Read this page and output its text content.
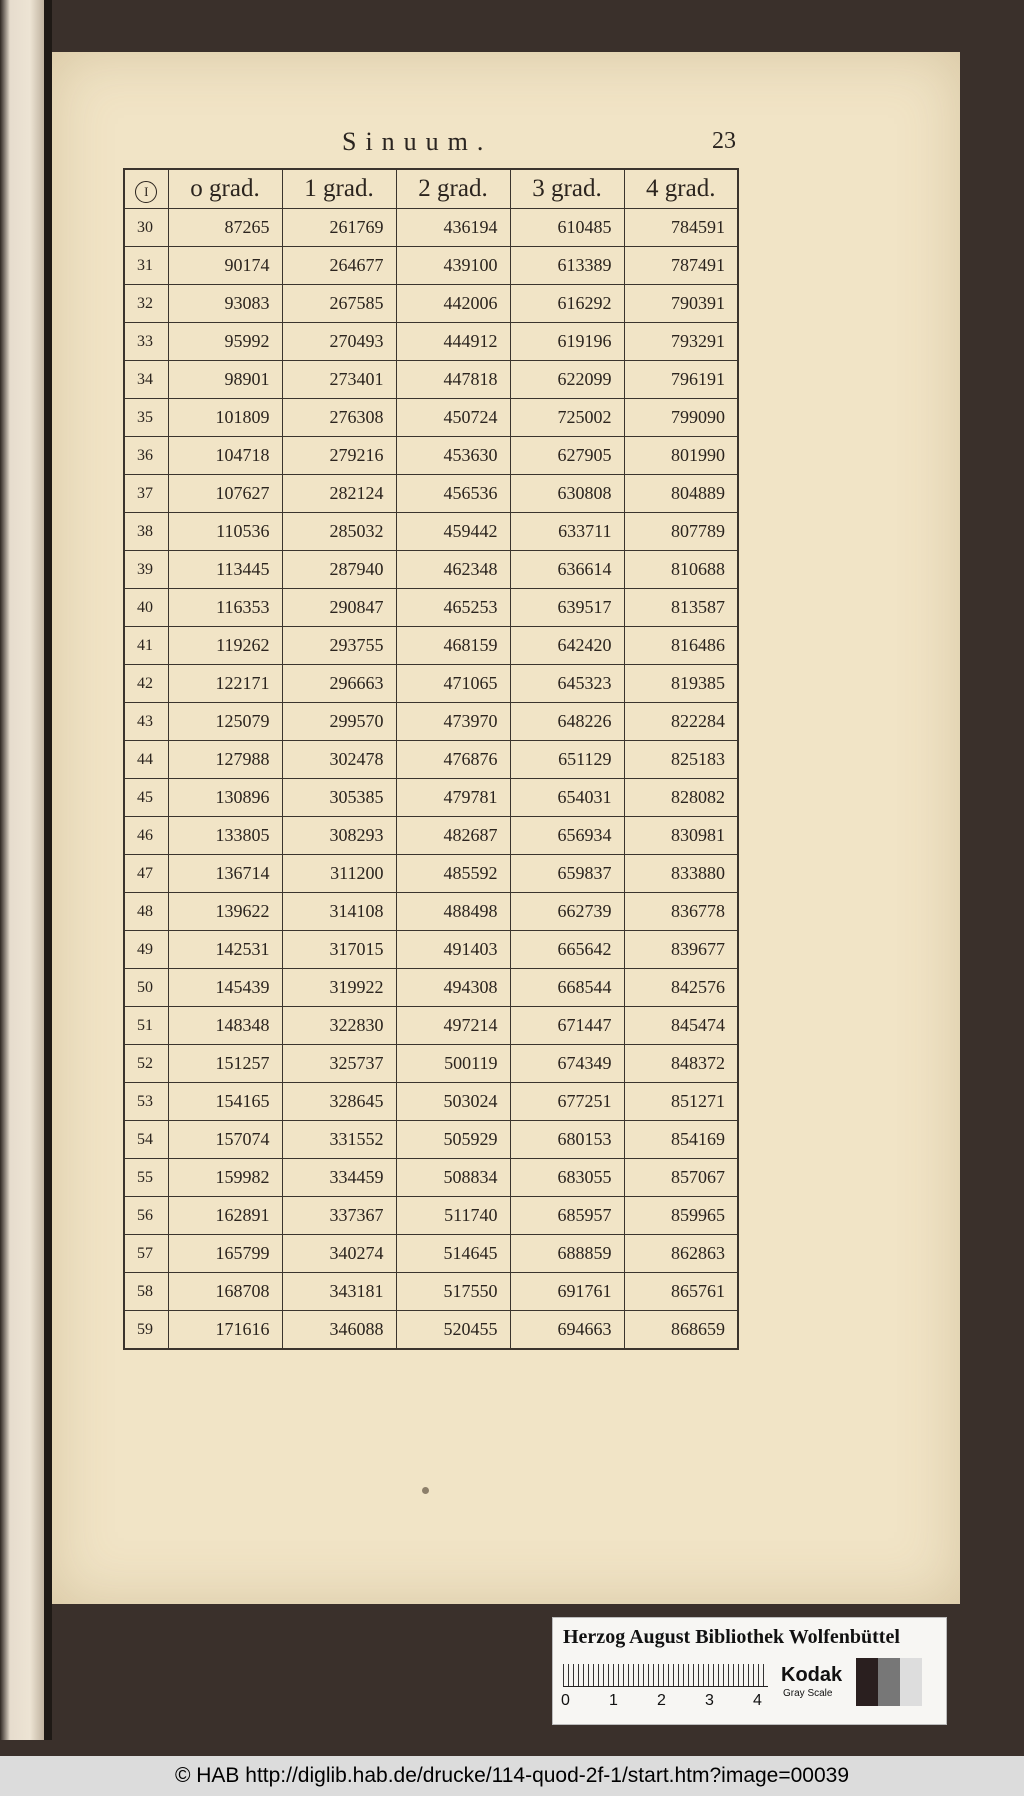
Sinuum.	23
I	o grad.	1 grad.	2 grad.	3 grad.	4 grad.
30	87265	261769	436194	610485	784591
31	90174	264677	439100	613389	787491
32	93083	267585	442006	616292	790391
33	95992	270493	444912	619196	793291
34	98901	273401	447818	622099	796191
35	101809	276308	450724	725002	799090
36	104718	279216	453630	627905	801990
37	107627	282124	456536	630808	804889
38	110536	285032	459442	633711	807789
39	113445	287940	462348	636614	810688
40	116353	290847	465253	639517	813587
41	119262	293755	468159	642420	816486
42	122171	296663	471065	645323	819385
43	125079	299570	473970	648226	822284
44	127988	302478	476876	651129	825183
45	130896	305385	479781	654031	828082
46	133805	308293	482687	656934	830981
47	136714	311200	485592	659837	833880
48	139622	314108	488498	662739	836778
49	142531	317015	491403	665642	839677
50	145439	319922	494308	668544	842576
51	148348	322830	497214	671447	845474
52	151257	325737	500119	674349	848372
53	154165	328645	503024	677251	851271
54	157074	331552	505929	680153	854169
55	159982	334459	508834	683055	857067
56	162891	337367	511740	685957	859965
57	165799	340274	514645	688859	862863
58	168708	343181	517550	691761	865761
59	171616	346088	520455	694663	868659
Herzog August Bibliothek Wolfenbüttel
0 1 2 3 4
Kodak
Gray Scale
© HAB http://diglib.hab.de/drucke/114-quod-2f-1/start.htm?image=00039
